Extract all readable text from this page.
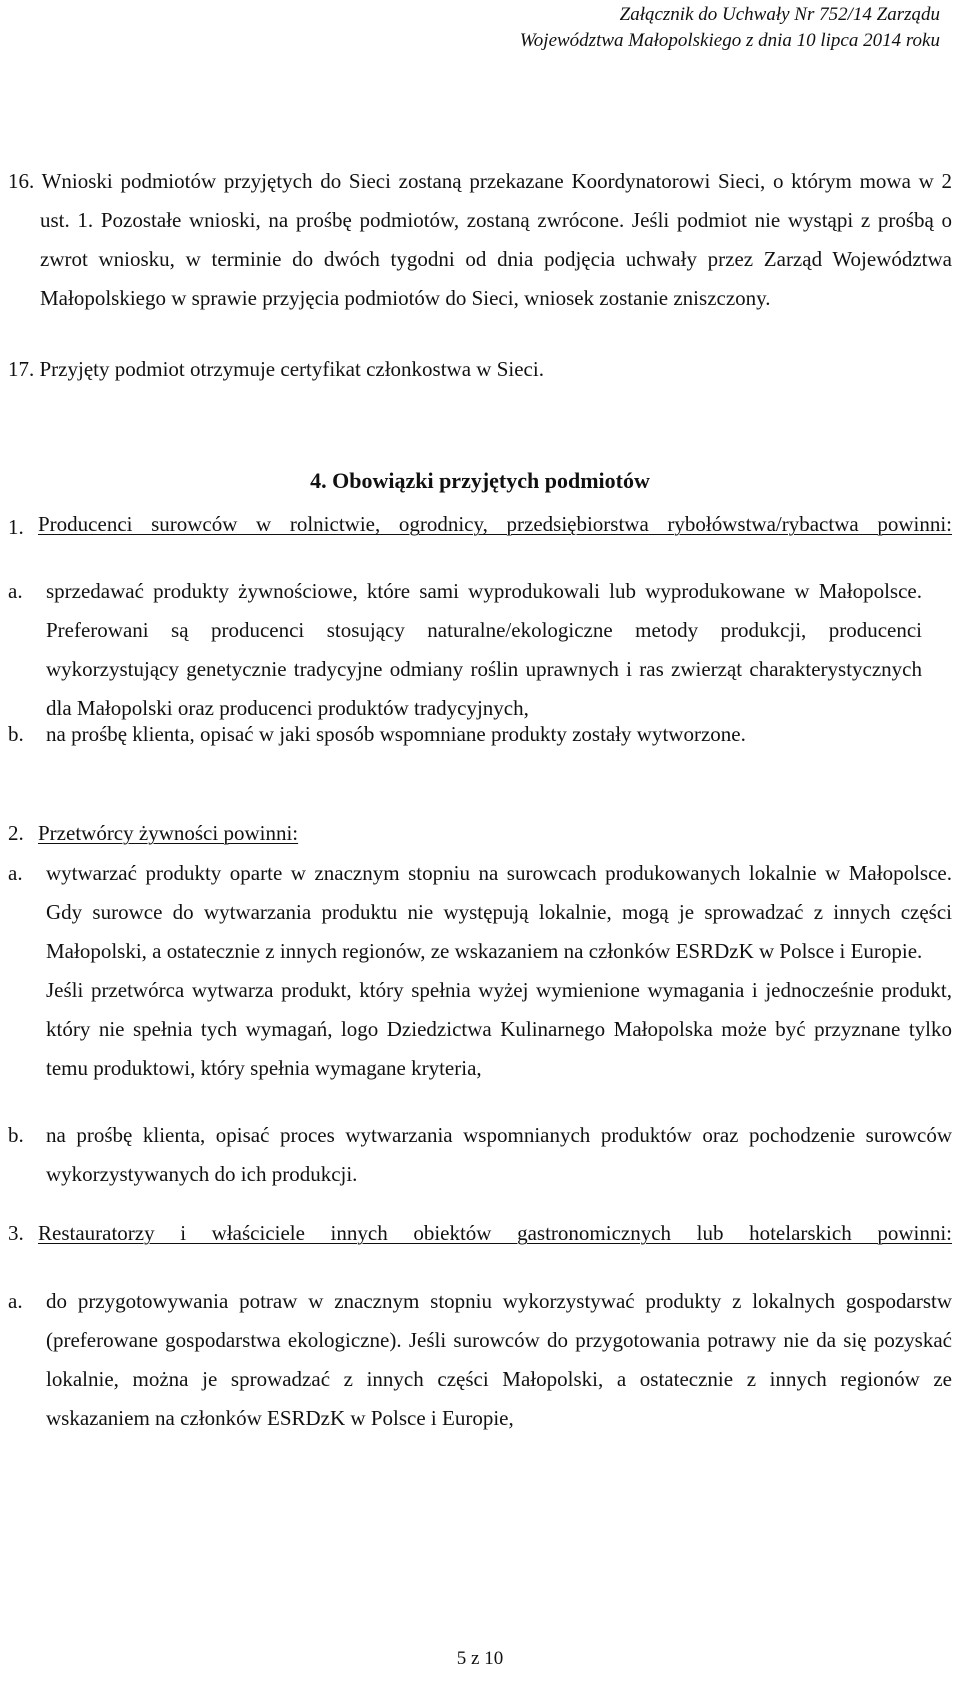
Załącznik do Uchwały Nr 752/14 Zarządu
Województwa Małopolskiego z dnia 10 lipca 2014 roku
16. Wnioski podmiotów przyjętych do Sieci zostaną przekazane Koordynatorowi Sieci, o którym mowa w 2 ust. 1. Pozostałe wnioski, na prośbę podmiotów, zostaną zwrócone. Jeśli podmiot nie wystąpi z prośbą o zwrot wniosku, w terminie do dwóch tygodni od dnia podjęcia uchwały przez Zarząd Województwa Małopolskiego w sprawie przyjęcia podmiotów do Sieci, wniosek zostanie zniszczony.
17. Przyjęty podmiot otrzymuje certyfikat członkostwa w Sieci.
4. Obowiązki przyjętych podmiotów
1. Producenci surowców w rolnictwie, ogrodnicy, przedsiębiorstwa rybołówstwa/rybactwa powinni:
a. sprzedawać produkty żywnościowe, które sami wyprodukowali lub wyprodukowane w Małopolsce. Preferowani są producenci stosujący naturalne/ekologiczne metody produkcji, producenci wykorzystujący genetycznie tradycyjne odmiany roślin uprawnych i ras zwierząt charakterystycznych dla Małopolski oraz producenci produktów tradycyjnych,
b. na prośbę klienta, opisać w jaki sposób wspomniane produkty zostały wytworzone.
2. Przetwórcy żywności powinni:
a. wytwarzać produkty oparte w znacznym stopniu na surowcach produkowanych lokalnie w Małopolsce. Gdy surowce do wytwarzania produktu nie występują lokalnie, mogą je sprowadzać z innych części Małopolski, a ostatecznie z innych regionów, ze wskazaniem na członków ESRDzK w Polsce i Europie.
Jeśli przetwórca wytwarza produkt, który spełnia wyżej wymienione wymagania i jednocześnie produkt, który nie spełnia tych wymagań, logo Dziedzictwa Kulinarnego Małopolska może być przyznane tylko temu produktowi, który spełnia wymagane kryteria,
b. na prośbę klienta, opisać proces wytwarzania wspomnianych produktów oraz pochodzenie surowców wykorzystywanych do ich produkcji.
3. Restauratorzy i właściciele innych obiektów gastronomicznych lub hotelarskich powinni:
a. do przygotowywania potraw w znacznym stopniu wykorzystywać produkty z lokalnych gospodarstw (preferowane gospodarstwa ekologiczne). Jeśli surowców do przygotowania potrawy nie da się pozyskać lokalnie, można je sprowadzać z innych części Małopolski, a ostatecznie z innych regionów ze wskazaniem na członków ESRDzK w Polsce i Europie,
5 z 10
